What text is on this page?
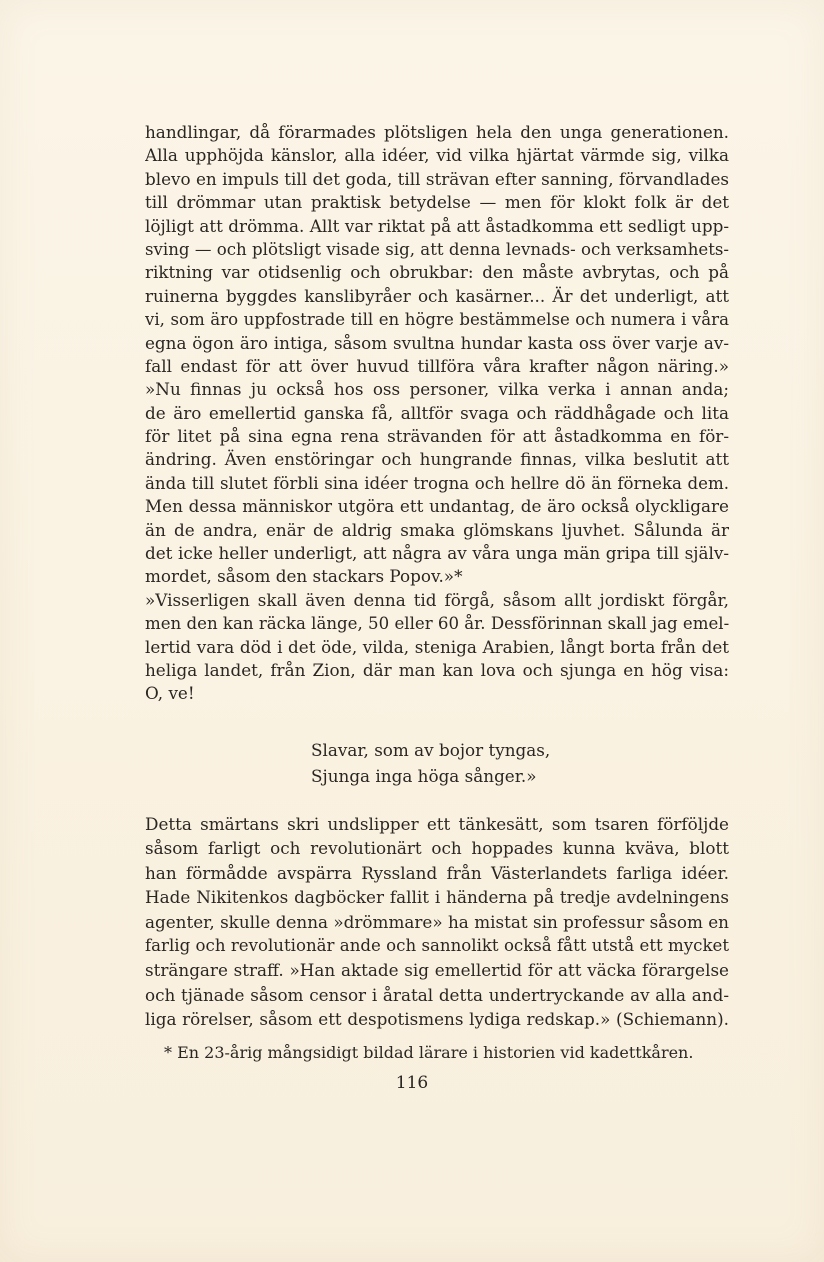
handlingar, då förarmades plötsligen hela den unga generationen.
Alla upphöjda känslor, alla idéer, vid vilka hjärtat värmde sig, vilka
blevo en impuls till det goda, till strävan efter sanning, förvandlades
till drömmar utan praktisk betydelse — men för klokt folk är det
löjligt att drömma. Allt var riktat på att åstadkomma ett sedligt upp-
sving — och plötsligt visade sig, att denna levnads- och verksamhets-
riktning var otidsenlig och obrukbar: den måste avbrytas, och på
ruinerna byggdes kanslibyråer och kasärner... Är det underligt, att
vi, som äro uppfostrade till en högre bestämmelse och numera i våra
egna ögon äro intiga, såsom svultna hundar kasta oss över varje av-
fall endast för att över huvud tillföra våra krafter någon näring.»
»Nu finnas ju också hos oss personer, vilka verka i annan anda;
de äro emellertid ganska få, alltför svaga och räddhågade och lita
för litet på sina egna rena strävanden för att åstadkomma en för-
ändring. Även enstöringar och hungrande finnas, vilka beslutit att
ända till slutet förbli sina idéer trogna och hellre dö än förneka dem.
Men dessa människor utgöra ett undantag, de äro också olyckligare
än de andra, enär de aldrig smaka glömskans ljuvhet. Sålunda är
det icke heller underligt, att några av våra unga män gripa till själv-
mordet, såsom den stackars Popov.»*
»Visserligen skall även denna tid förgå, såsom allt jordiskt förgår,
men den kan räcka länge, 50 eller 60 år. Dessförinnan skall jag emel-
lertid vara död i det öde, vilda, steniga Arabien, långt borta från det
heliga landet, från Zion, där man kan lova och sjunga en hög visa:
O, ve!
Slavar, som av bojor tyngas,
Sjunga inga höga sånger.»
Detta smärtans skri undslipper ett tänkesätt, som tsaren förföljde
såsom farligt och revolutionärt och hoppades kunna kväva, blott
han förmådde avspärra Ryssland från Västerlandets farliga idéer.
Hade Nikitenkos dagböcker fallit i händerna på tredje avdelningens
agenter, skulle denna »drömmare» ha mistat sin professur såsom en
farlig och revolutionär ande och sannolikt också fått utstå ett mycket
strängare straff. »Han aktade sig emellertid för att väcka förargelse
och tjänade såsom censor i åratal detta undertryckande av alla and-
liga rörelser, såsom ett despotismens lydiga redskap.» (Schiemann).
* En 23-årig mångsidigt bildad lärare i historien vid kadettkåren.
116
